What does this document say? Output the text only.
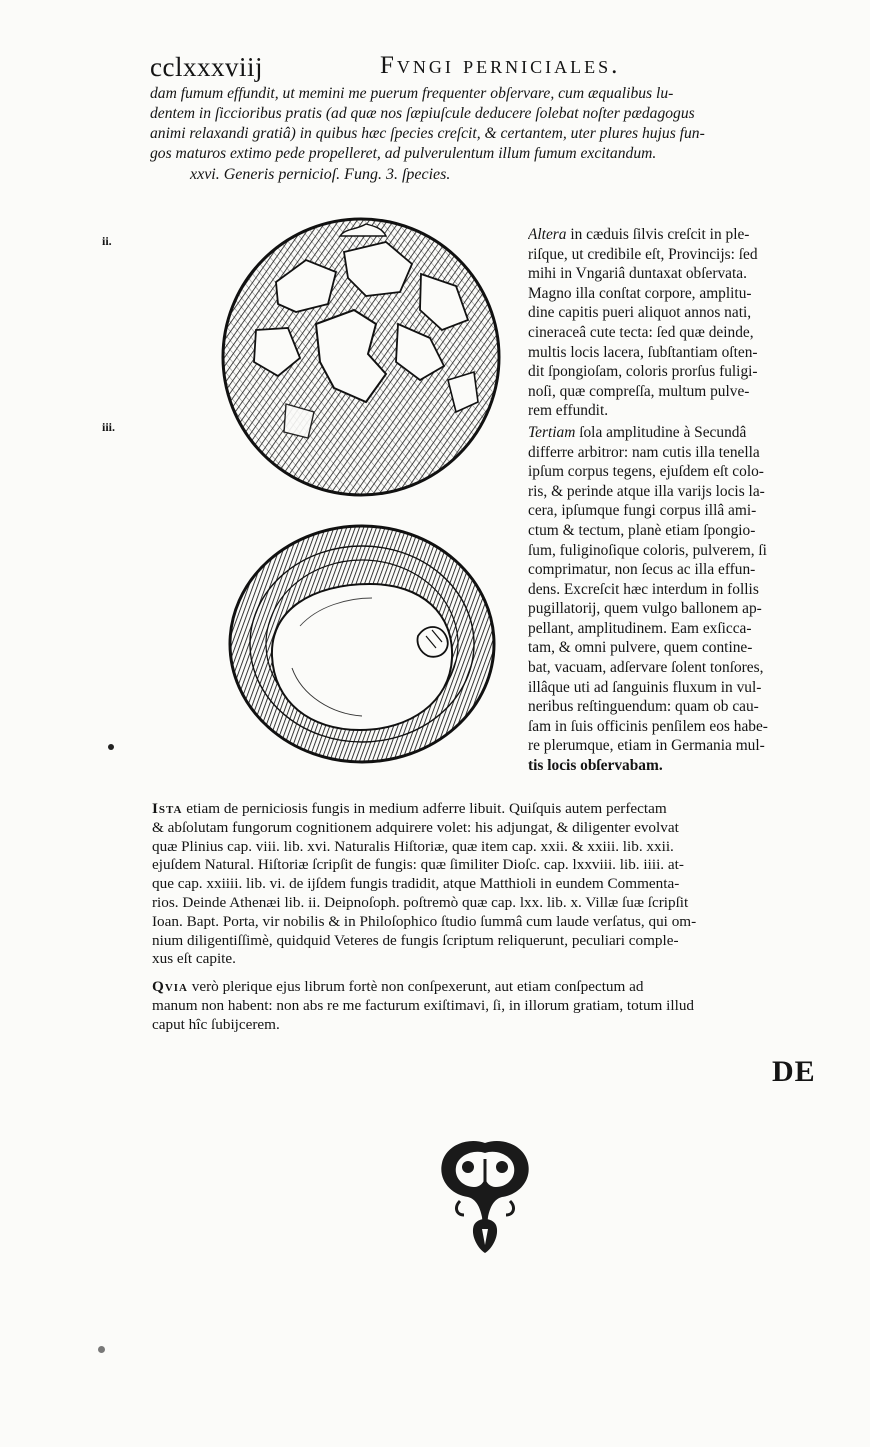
cclxxxviij	Fvngi perniciales.
dam fumum effundit, ut memini me puerum frequenter obſervare, cum æqualibus lu-
dentem in ſiccioribus pratis (ad quæ nos ſæpiuſcule deducere ſolebat noſter pædagogus
animi relaxandi gratiâ) in quibus hæc ſpecies creſcit, & certantem, uter plures hujus fun-
gos maturos extimo pede propelleret, ad pulverulentum illum fumum excitandum.
xxvi. Generis pernicioſ. Fung. 3. ſpecies.
ii.
iii.
Altera in cæduis ſilvis creſcit in ple-
riſque, ut credibile eſt, Provincijs: ſed
mihi in Vngariâ duntaxat obſervata.
Magno illa conſtat corpore, amplitu-
dine capitis pueri aliquot annos nati,
cineraceâ cute tecta: ſed quæ deinde,
multis locis lacera, ſubſtantiam oſten-
dit ſpongioſam, coloris prorſus fuligi-
noſi, quæ compreſſa, multum pulve-
rem effundit.
Tertiam ſola amplitudine à Secundâ
differre arbitror: nam cutis illa tenella
ipſum corpus tegens, ejuſdem eſt colo-
ris, & perinde atque illa varijs locis la-
cera, ipſumque fungi corpus illâ ami-
ctum & tectum, planè etiam ſpongio-
ſum, fuliginoſique coloris, pulverem, ſi
comprimatur, non ſecus ac illa effun-
dens. Excreſcit hæc interdum in follis
pugillatorij, quem vulgo ballonem ap-
pellant, amplitudinem. Eam exſicca-
tam, & omni pulvere, quem contine-
bat, vacuam, adſervare ſolent tonſores,
illâque uti ad ſanguinis fluxum in vul-
neribus reſtinguendum: quam ob cau-
ſam in ſuis officinis penſilem eos habe-
re plerumque, etiam in Germania mul-
tis locis obſervabam.
Ista etiam de perniciosis fungis in medium adferre libuit. Quiſquis autem perfectam
& abſolutam fungorum cognitionem adquirere volet: his adjungat, & diligenter evolvat
quæ Plinius cap. viii. lib. xvi. Naturalis Hiſtoriæ, quæ item cap. xxii. & xxiii. lib. xxii.
ejuſdem Natural. Hiſtoriæ ſcripſit de fungis: quæ ſimiliter Dioſc. cap. lxxviii. lib. iiii. at-
que cap. xxiiii. lib. vi. de ijſdem fungis tradidit, atque Matthioli in eundem Commenta-
rios. Deinde Athenæi lib. ii. Deipnoſoph. poſtremò quæ cap. lxx. lib. x. Villæ ſuæ ſcripſit
Ioan. Bapt. Porta, vir nobilis & in Philoſophico ſtudio ſummâ cum laude verſatus, qui om-
nium diligentiſſimè, quidquid Veteres de fungis ſcriptum reliquerunt, peculiari comple-
xus eſt capite.
Qvia verò plerique ejus librum fortè non conſpexerunt, aut etiam conſpectum ad
manum non habent: non abs re me facturum exiſtimavi, ſi, in illorum gratiam, totum illud
caput hîc ſubijcerem.
DE
